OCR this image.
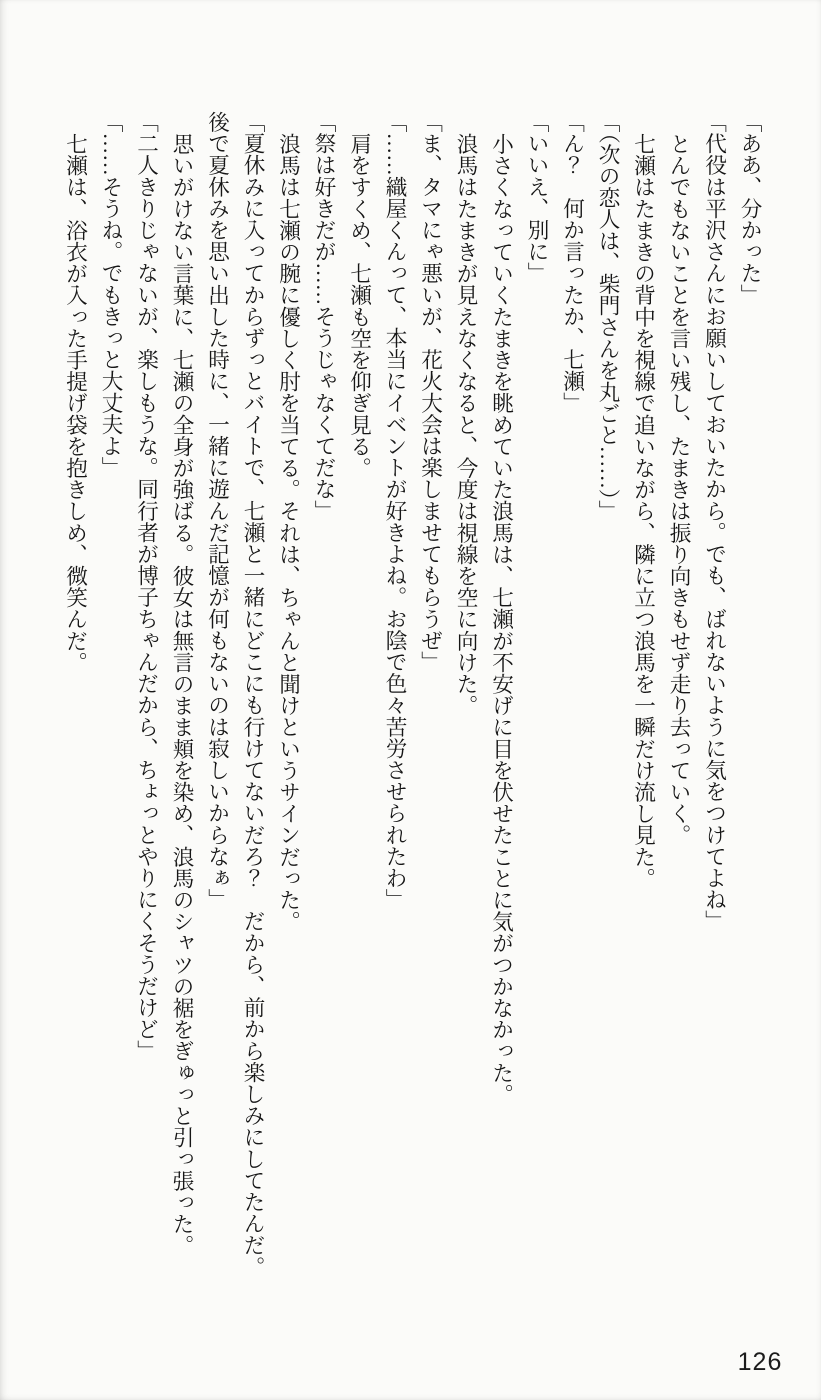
「ああ、分かった」

「代役は平沢さんにお願いしておいたから。でも、ばれないように気をつけてよね」

とんでもないことを言い残し、たまきは振り向きもせず走り去っていく。

七瀬はたまきの背中を視線で追いながら、隣に立つ浪馬を一瞬だけ流し見た。

「（次の恋人は、柴門さんを丸ごと……）」

「ん？　何か言ったか、七瀬」

「いいえ、別に」

小さくなっていくたまきを眺めていた浪馬は、七瀬が不安げに目を伏せたことに気がつかなかった。

浪馬はたまきが見えなくなると、今度は視線を空に向けた。

「ま、タマにゃ悪いが、花火大会は楽しませてもらうぜ」

「……織屋くんって、本当にイベントが好きよね。お陰で色々苦労させられたわ」

肩をすくめ、七瀬も空を仰ぎ見る。

「祭は好きだが……そうじゃなくてだな」

浪馬は七瀬の腕に優しく肘を当てる。それは、ちゃんと聞けというサインだった。

「夏休みに入ってからずっとバイトで、七瀬と一緒にどこにも行けてないだろ？　だから、前から楽しみにしてたんだ。

後で夏休みを思い出した時に、一緒に遊んだ記憶が何もないのは寂しいからなぁ」

思いがけない言葉に、七瀬の全身が強ばる。彼女は無言のまま頬を染め、浪馬のシャツの裾をぎゅっと引っ張った。

「二人きりじゃないが、楽しもうな。同行者が博子ちゃんだから、ちょっとやりにくそうだけど」

「……そうね。でもきっと大丈夫よ」

七瀬は、浴衣が入った手提げ袋を抱きしめ、微笑んだ。

126
